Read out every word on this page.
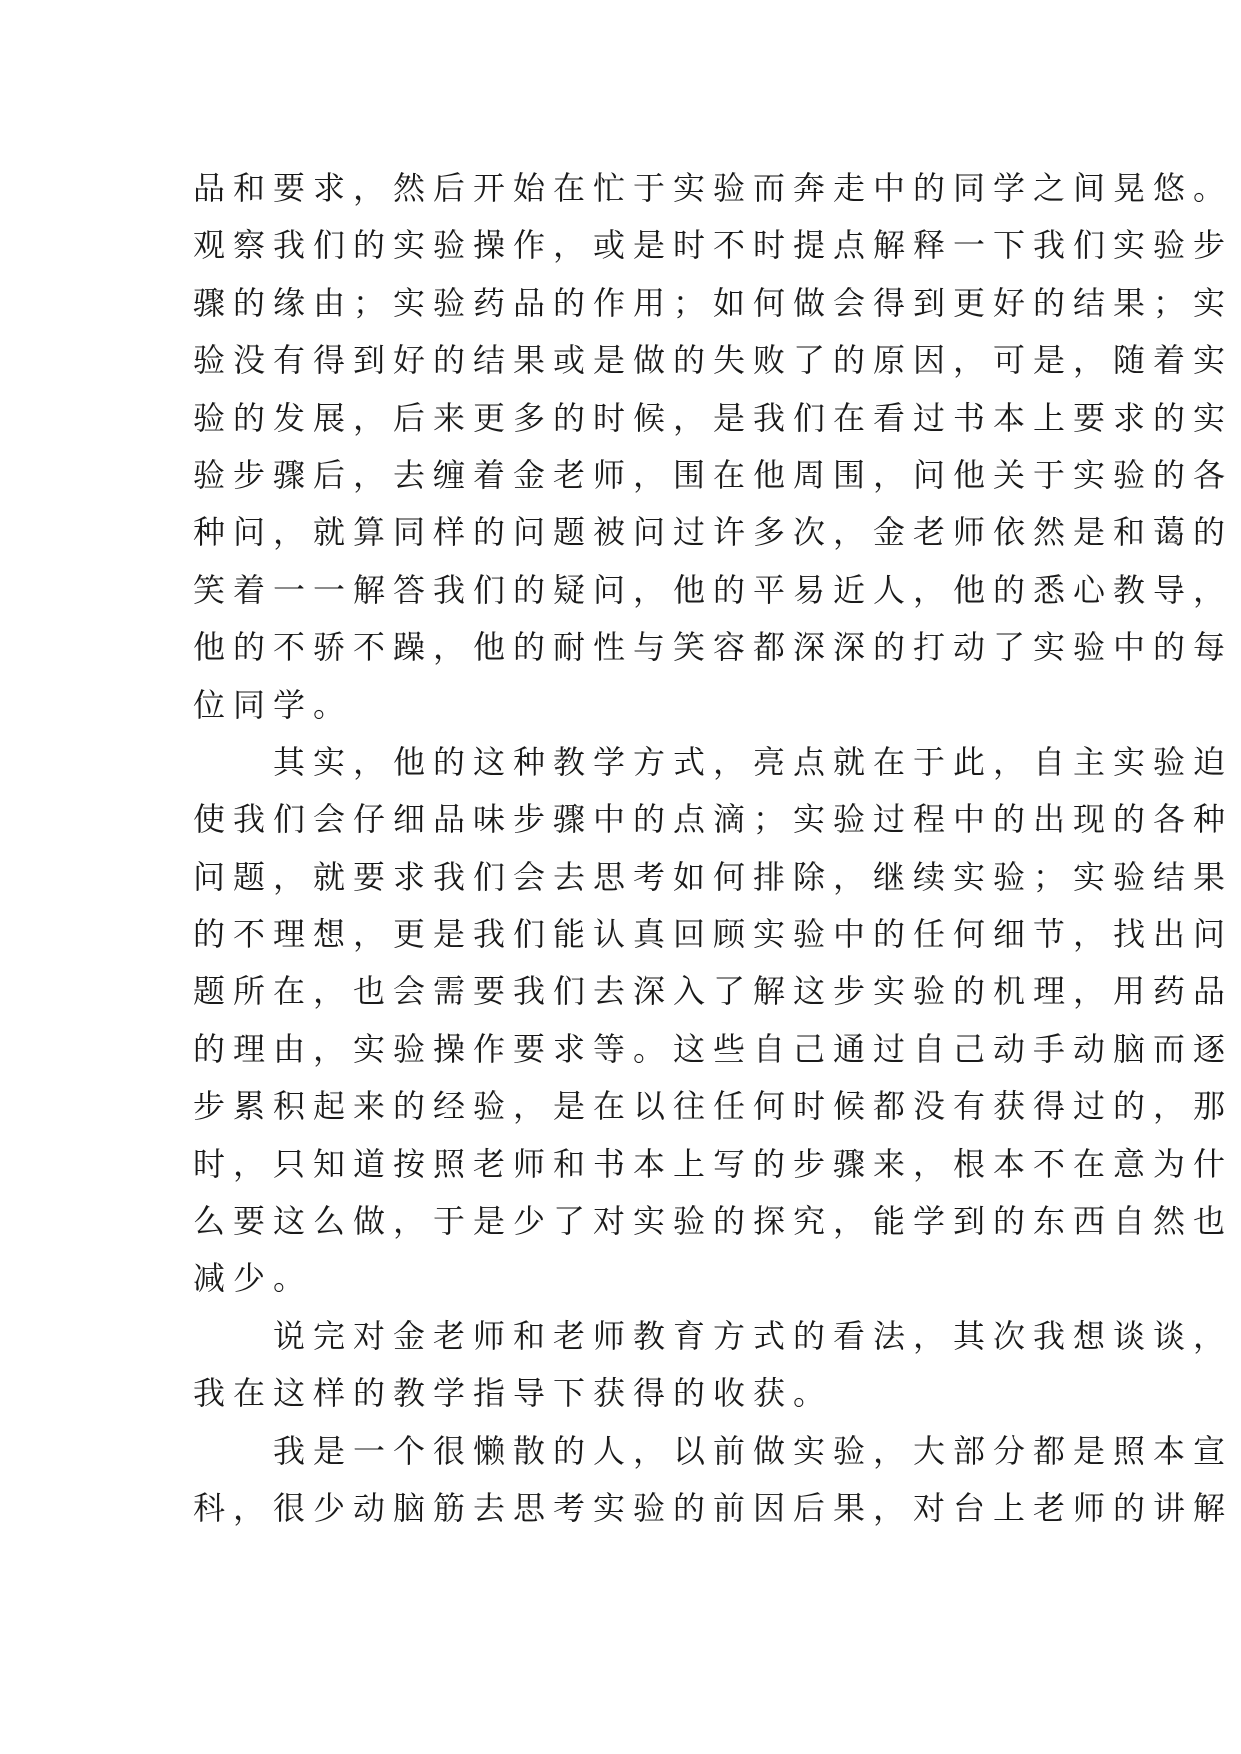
品和要求，然后开始在忙于实验而奔走中的同学之间晃悠。
观察我们的实验操作，或是时不时提点解释一下我们实验步
骤的缘由；实验药品的作用；如何做会得到更好的结果；实
验没有得到好的结果或是做的失败了的原因，可是，随着实
验的发展，后来更多的时候，是我们在看过书本上要求的实
验步骤后，去缠着金老师，围在他周围，问他关于实验的各
种问，就算同样的问题被问过许多次，金老师依然是和蔼的
笑着一一解答我们的疑问，他的平易近人，他的悉心教导，
他的不骄不躁，他的耐性与笑容都深深的打动了实验中的每
位同学。
　　其实，他的这种教学方式，亮点就在于此，自主实验迫
使我们会仔细品味步骤中的点滴；实验过程中的出现的各种
问题，就要求我们会去思考如何排除，继续实验；实验结果
的不理想，更是我们能认真回顾实验中的任何细节，找出问
题所在，也会需要我们去深入了解这步实验的机理，用药品
的理由，实验操作要求等。这些自己通过自己动手动脑而逐
步累积起来的经验，是在以往任何时候都没有获得过的，那
时，只知道按照老师和书本上写的步骤来，根本不在意为什
么要这么做，于是少了对实验的探究，能学到的东西自然也
减少。
　　说完对金老师和老师教育方式的看法，其次我想谈谈，
我在这样的教学指导下获得的收获。
　　我是一个很懒散的人，以前做实验，大部分都是照本宣
科，很少动脑筋去思考实验的前因后果，对台上老师的讲解
